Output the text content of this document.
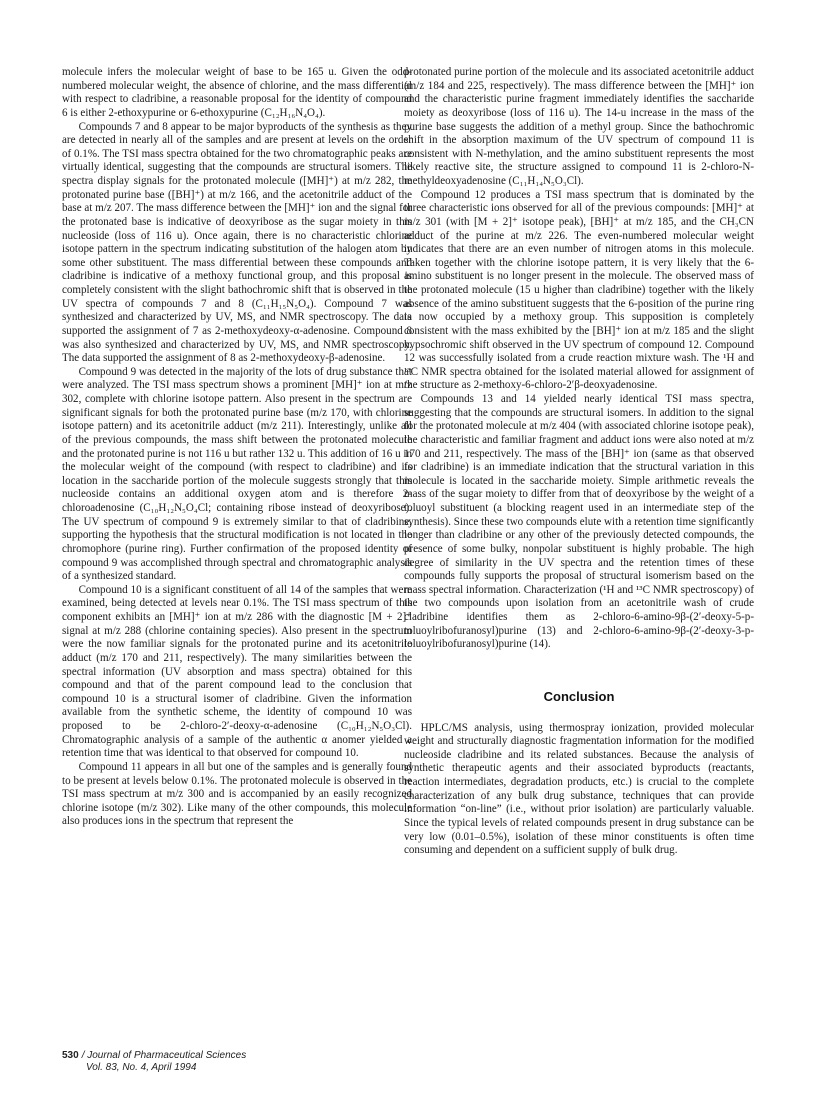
molecule infers the molecular weight of base to be 165 u. Given the odd-numbered molecular weight, the absence of chlorine, and the mass differential with respect to cladribine, a reasonable proposal for the identity of compound 6 is either 2-ethoxypurine or 6-ethoxypurine (C₁₂H₁₆N₄O₄).

Compounds 7 and 8 appear to be major byproducts of the synthesis as they are detected in nearly all of the samples and are present at levels on the order of 0.1%. The TSI mass spectra obtained for the two chromatographic peaks are virtually identical, suggesting that the compounds are structural isomers. The spectra display signals for the protonated molecule ([MH]⁺) at m/z 282, the protonated purine base ([BH]⁺) at m/z 166, and the acetonitrile adduct of the base at m/z 207. The mass difference between the [MH]⁺ ion and the signal for the protonated base is indicative of deoxyribose as the sugar moiety in this nucleoside (loss of 116 u). Once again, there is no characteristic chlorine isotope pattern in the spectrum indicating substitution of the halogen atom by some other substituent. The mass differential between these compounds and cladribine is indicative of a methoxy functional group, and this proposal is completely consistent with the slight bathochromic shift that is observed in the UV spectra of compounds 7 and 8 (C₁₁H₁₅N₅O₄). Compound 7 was synthesized and characterized by UV, MS, and NMR spectroscopy. The data supported the assignment of 7 as 2-methoxydeoxy-α-adenosine. Compound 8 was also synthesized and characterized by UV, MS, and NMR spectroscopy. The data supported the assignment of 8 as 2-methoxydeoxy-β-adenosine.

Compound 9 was detected in the majority of the lots of drug substance that were analyzed. The TSI mass spectrum shows a prominent [MH]⁺ ion at m/z 302, complete with chlorine isotope pattern. Also present in the spectrum are significant signals for both the protonated purine base (m/z 170, with chlorine isotope pattern) and its acetonitrile adduct (m/z 211). Interestingly, unlike all of the previous compounds, the mass shift between the protonated molecule and the protonated purine is not 116 u but rather 132 u. This addition of 16 u in the molecular weight of the compound (with respect to cladribine) and its location in the saccharide portion of the molecule suggests strongly that this nucleoside contains an additional oxygen atom and is therefore 2-chloroadenosine (C₁₀H₁₂N₅O₄Cl; containing ribose instead of deoxyribose). The UV spectrum of compound 9 is extremely similar to that of cladribine, supporting the hypothesis that the structural modification is not located in the chromophore (purine ring). Further confirmation of the proposed identity of compound 9 was accomplished through spectral and chromatographic analysis of a synthesized standard.

Compound 10 is a significant constituent of all 14 of the samples that were examined, being detected at levels near 0.1%. The TSI mass spectrum of this component exhibits an [MH]⁺ ion at m/z 286 with the diagnostic [M + 2]⁺ signal at m/z 288 (chlorine containing species). Also present in the spectrum were the now familiar signals for the protonated purine and its acetonitrile adduct (m/z 170 and 211, respectively). The many similarities between the spectral information (UV absorption and mass spectra) obtained for this compound and that of the parent compound lead to the conclusion that compound 10 is a structural isomer of cladribine. Given the information available from the synthetic scheme, the identity of compound 10 was proposed to be 2-chloro-2′-deoxy-α-adenosine (C₁₀H₁₂N₅O₃Cl). Chromatographic analysis of a sample of the authentic α anomer yielded a retention time that was identical to that observed for compound 10.

Compound 11 appears in all but one of the samples and is generally found to be present at levels below 0.1%. The protonated molecule is observed in the TSI mass spectrum at m/z 300 and is accompanied by an easily recognized chlorine isotope (m/z 302). Like many of the other compounds, this molecule also produces ions in the spectrum that represent the

protonated purine portion of the molecule and its associated acetonitrile adduct (m/z 184 and 225, respectively). The mass difference between the [MH]⁺ ion and the characteristic purine fragment immediately identifies the saccharide moiety as deoxyribose (loss of 116 u). The 14-u increase in the mass of the purine base suggests the addition of a methyl group. Since the bathochromic shift in the absorption maximum of the UV spectrum of compound 11 is consistent with N-methylation, and the amino substituent represents the most likely reactive site, the structure assigned to compound 11 is 2-chloro-N-methyldeoxyadenosine (C₁₁H₁₄N₅O₃Cl).

Compound 12 produces a TSI mass spectrum that is dominated by the three characteristic ions observed for all of the previous compounds: [MH]⁺ at m/z 301 (with [M + 2]⁺ isotope peak), [BH]⁺ at m/z 185, and the CH₃CN adduct of the purine at m/z 226. The even-numbered molecular weight indicates that there are an even number of nitrogen atoms in this molecule. Taken together with the chlorine isotope pattern, it is very likely that the 6-amino substituent is no longer present in the molecule. The observed mass of the protonated molecule (15 u higher than cladribine) together with the likely absence of the amino substituent suggests that the 6-position of the purine ring is now occupied by a methoxy group. This supposition is completely consistent with the mass exhibited by the [BH]⁺ ion at m/z 185 and the slight hypsochromic shift observed in the UV spectrum of compound 12. Compound 12 was successfully isolated from a crude reaction mixture wash. The ¹H and ¹³C NMR spectra obtained for the isolated material allowed for assignment of the structure as 2-methoxy-6-chloro-2′β-deoxyadenosine.

Compounds 13 and 14 yielded nearly identical TSI mass spectra, suggesting that the compounds are structural isomers. In addition to the signal for the protonated molecule at m/z 404 (with associated chlorine isotope peak), the characteristic and familiar fragment and adduct ions were also noted at m/z 170 and 211, respectively. The mass of the [BH]⁺ ion (same as that observed for cladribine) is an immediate indication that the structural variation in this molecule is located in the saccharide moiety. Simple arithmetic reveals the mass of the sugar moiety to differ from that of deoxyribose by the weight of a toluoyl substituent (a blocking reagent used in an intermediate step of the synthesis). Since these two compounds elute with a retention time significantly longer than cladribine or any other of the previously detected compounds, the presence of some bulky, nonpolar substituent is highly probable. The high degree of similarity in the UV spectra and the retention times of these compounds fully supports the proposal of structural isomerism based on the mass spectral information. Characterization (¹H and ¹³C NMR spectroscopy) of the two compounds upon isolation from an acetonitrile wash of crude cladribine identifies them as 2-chloro-6-amino-9β-(2′-deoxy-5-p-toluoylribofuranosyl)purine (13) and 2-chloro-6-amino-9β-(2′-deoxy-3-p-toluoylribofuranosyl)purine (14).

Conclusion

HPLC/MS analysis, using thermospray ionization, provided molecular weight and structurally diagnostic fragmentation information for the modified nucleoside cladribine and its related substances. Because the analysis of synthetic therapeutic agents and their associated byproducts (reactants, reaction intermediates, degradation products, etc.) is crucial to the complete characterization of any bulk drug substance, techniques that can provide information “on-line” (i.e., without prior isolation) are particularly valuable. Since the typical levels of related compounds present in drug substance can be very low (0.01–0.5%), isolation of these minor constituents is often time consuming and dependent on a sufficient supply of bulk drug.

530 / Journal of Pharmaceutical Sciences
Vol. 83, No. 4, April 1994
